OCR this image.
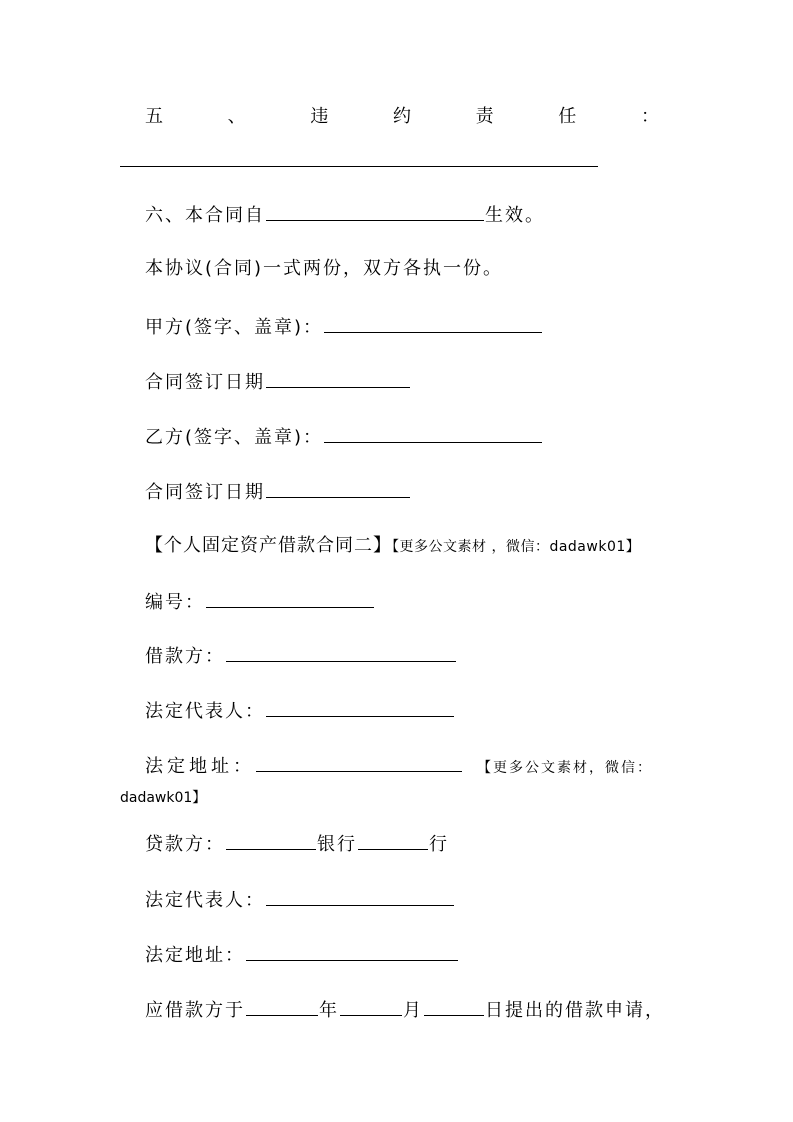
五	、	违	约	责	任	：
六、本合同自	生效。
本协议(合同)一式两份，双方各执一份。
甲方(签字、盖章)：
合同签订日期
乙方(签字、盖章)：
合同签订日期
【个人固定资产借款合同二】【更多公文素材 ，微信：dadawk01】
编号：
借款方：
法定代表人：
法定地址：	【更多公文素材，微信：
dadawk01】
贷款方：	银行	行
法定代表人：
法定地址：
应借款方于	年	月	日提出的借款申请，
